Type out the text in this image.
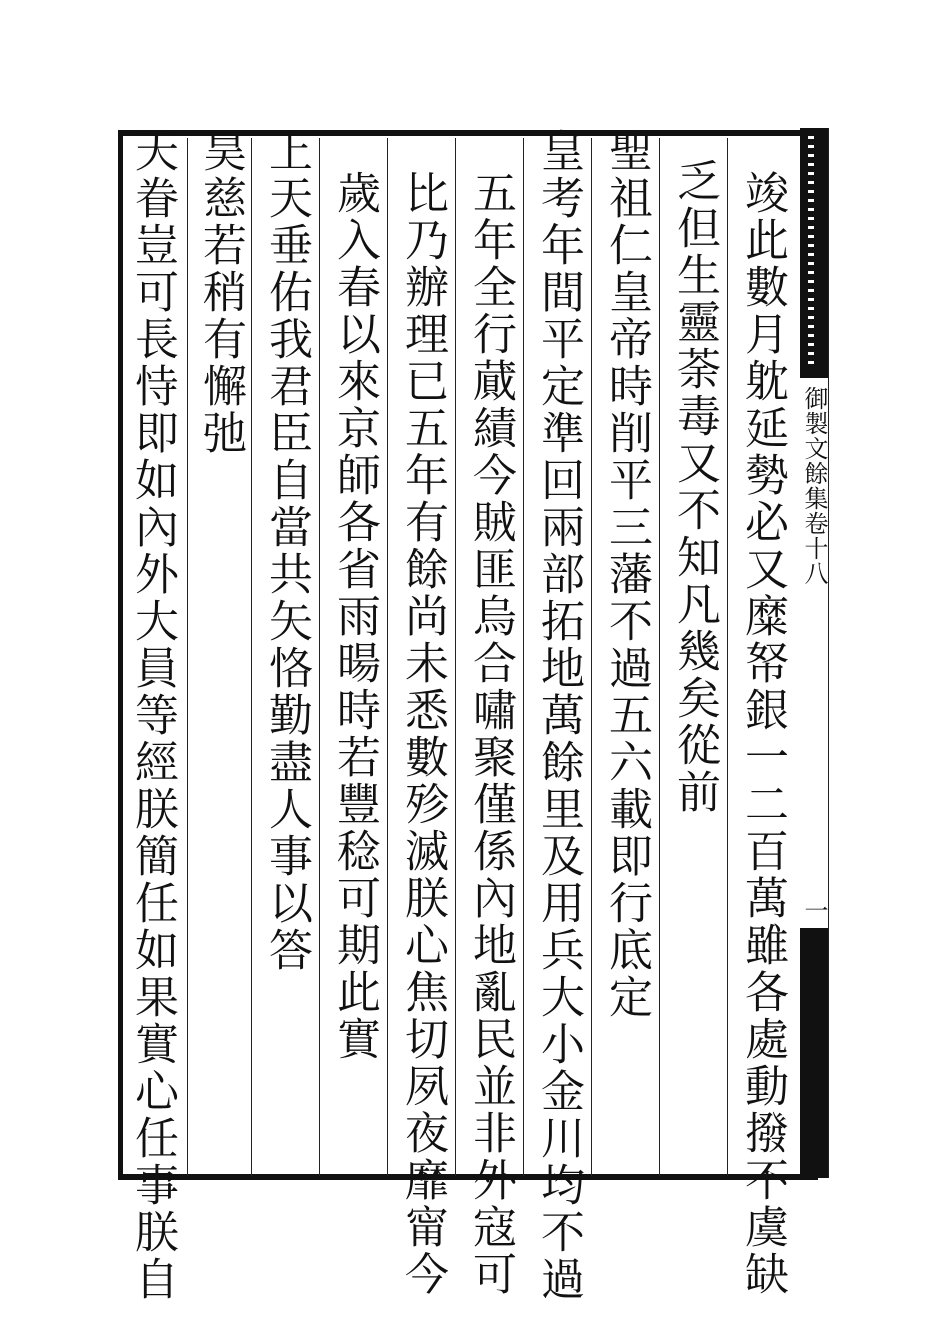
御製文餘集卷十八
一
竣此數月躭延勢必又糜帑銀一二百萬雖各處動撥不虞缺
乏但生靈荼毒又不知凡幾矣從前
聖祖仁皇帝時削平三藩不過五六載即行底定
皇考年間平定準回兩部拓地萬餘里及用兵大小金川均不過
五年全行蕆績今賊匪烏合嘯聚僅係內地亂民並非外寇可
比乃辦理已五年有餘尚未悉數殄滅朕心焦切夙夜靡甯今
歲入春以來京師各省雨暘時若豐稔可期此實
上天垂佑我君臣自當共矢恪勤盡人事以答
昊慈若稍有懈弛
天眷豈可長恃即如內外大員等經朕簡任如果實心任事朕自
